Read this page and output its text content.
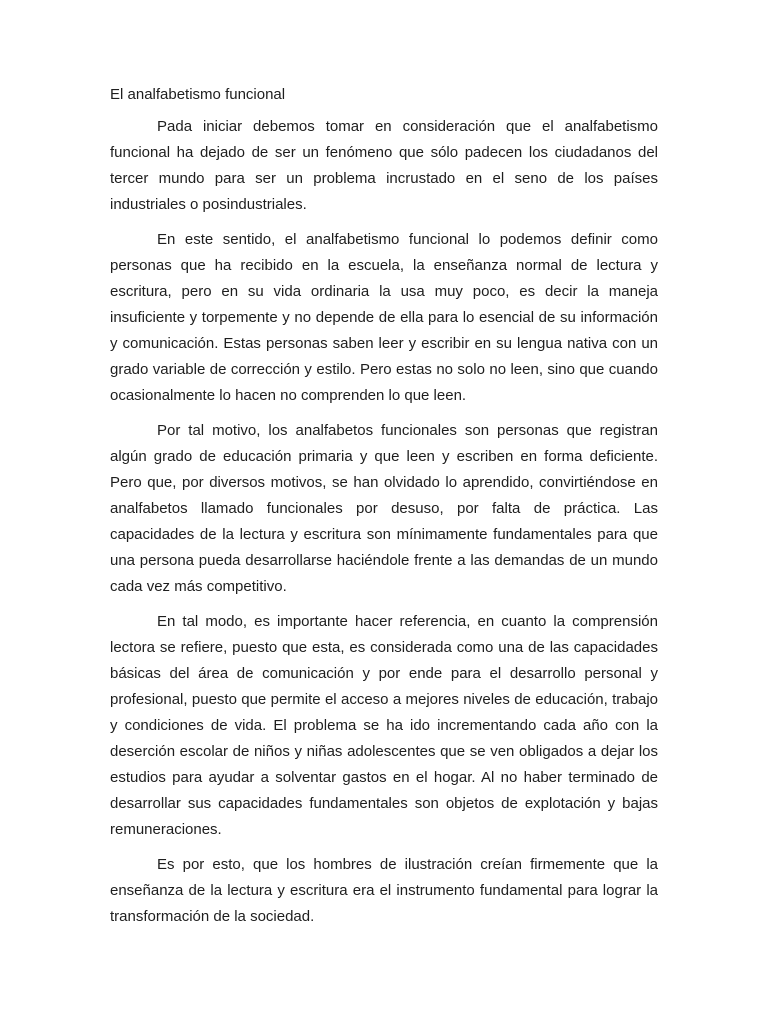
El analfabetismo funcional

Pada iniciar debemos tomar en consideración que el analfabetismo funcional ha dejado de ser un fenómeno que sólo padecen los ciudadanos del tercer mundo para ser un problema incrustado en el seno de los países industriales o posindustriales.

En este sentido, el analfabetismo funcional lo podemos definir como personas que ha recibido en la escuela, la enseñanza normal de lectura y escritura, pero en su vida ordinaria la usa muy poco, es decir la maneja insuficiente y torpemente y no depende de ella para lo esencial de su información y comunicación. Estas personas saben leer y escribir en su lengua nativa con un grado variable de corrección y estilo. Pero estas no solo no leen, sino que cuando ocasionalmente lo hacen no comprenden lo que leen.

Por tal motivo, los analfabetos funcionales son personas que registran algún grado de educación primaria y que leen y escriben en forma deficiente. Pero que, por diversos motivos, se han olvidado lo aprendido, convirtiéndose en analfabetos llamado funcionales por desuso, por falta de práctica. Las capacidades de la lectura y escritura son mínimamente fundamentales para que una persona pueda desarrollarse haciéndole frente a las demandas de un mundo cada vez más competitivo.

En tal modo, es importante hacer referencia, en cuanto la comprensión lectora se refiere, puesto que esta, es considerada como una de las capacidades básicas del área de comunicación y por ende para el desarrollo personal y profesional, puesto que permite el acceso a mejores niveles de educación, trabajo y condiciones de vida. El problema se ha ido incrementando cada año con la deserción escolar de niños y niñas adolescentes que se ven obligados a dejar los estudios para ayudar a solventar gastos en el hogar. Al no haber terminado de desarrollar sus capacidades fundamentales son objetos de explotación y bajas remuneraciones.

Es por esto, que los hombres de ilustración creían firmemente que la enseñanza de la lectura y escritura era el instrumento fundamental para lograr la transformación de la sociedad.
